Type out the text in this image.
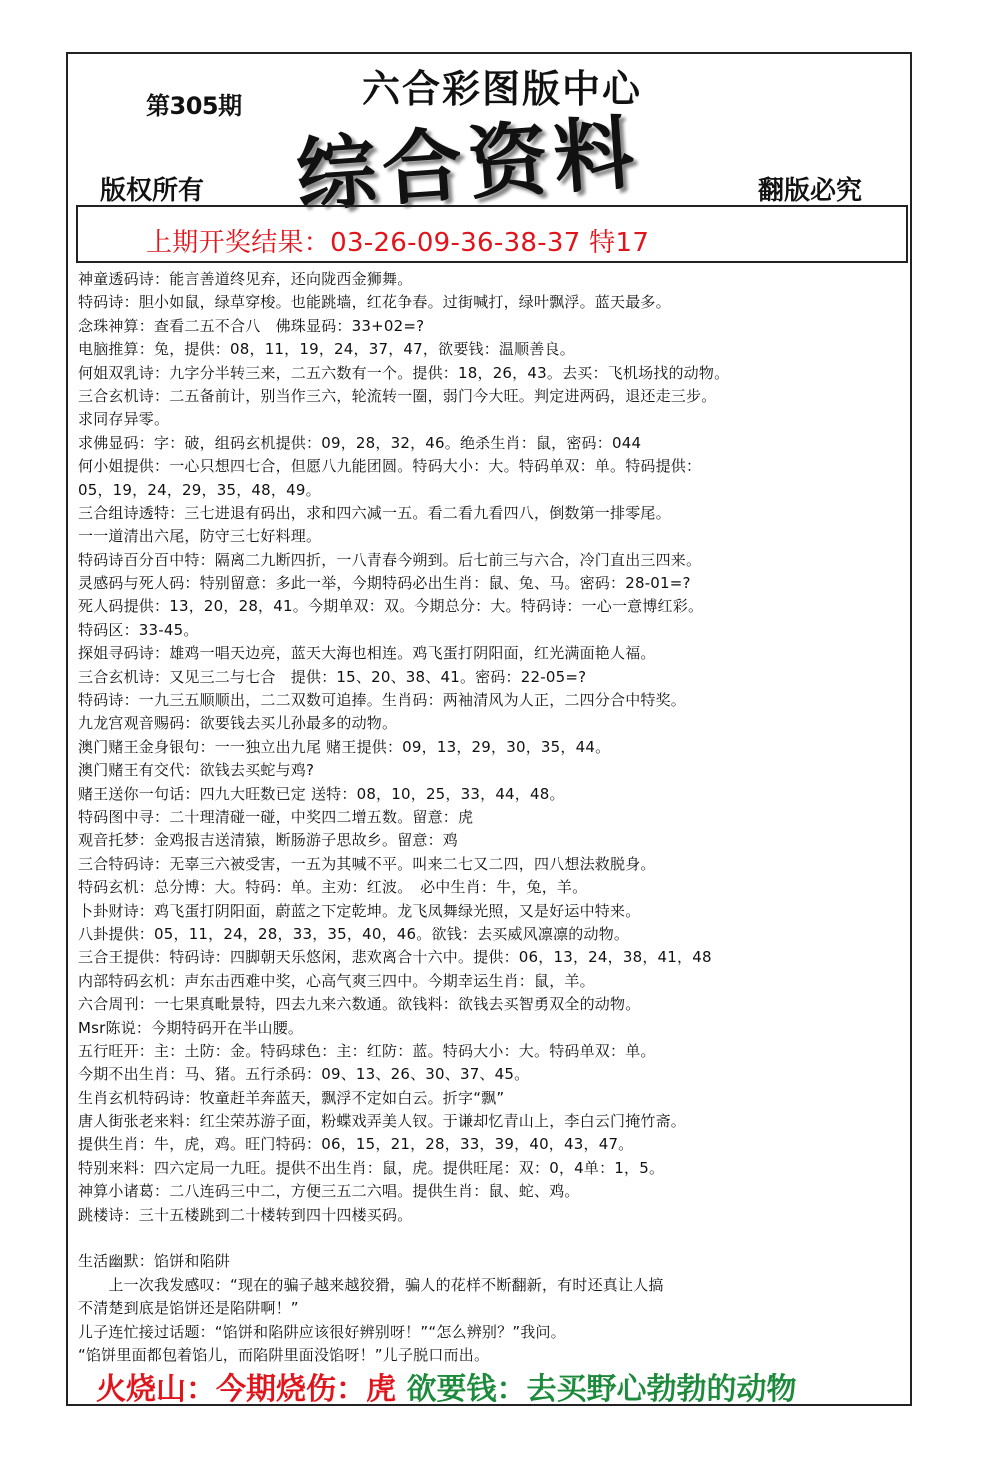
第305期	六合彩图版中心
综合资料
版权所有	翻版必究
上期开奖结果：03-26-09-36-38-37 特17
神童透码诗：能言善道终见弃，还向陇西金狮舞。
特码诗：胆小如鼠，绿草穿梭。也能跳墙，红花争春。过街喊打，绿叶飘浮。蓝天最多。
念珠神算：查看二五不合八　佛珠显码：33+02=?
电脑推算：兔，提供：08，11，19，24，37，47，欲要钱：温顺善良。
何姐双乳诗：九字分半转三来，二五六数有一个。提供：18，26，43。去买：飞机场找的动物。
三合玄机诗：二五备前计，别当作三六，轮流转一圈，弱门今大旺。判定进两码，退还走三步。
求同存异零。
求佛显码：字：破，组码玄机提供：09，28，32，46。绝杀生肖：鼠，密码：044
何小姐提供：一心只想四七合，但愿八九能团圆。特码大小：大。特码单双：单。特码提供：
05，19，24，29，35，48，49。
三合组诗透特：三七进退有码出，求和四六减一五。看二看九看四八，倒数第一排零尾。
一一道清出六尾，防守三七好料理。
特码诗百分百中特：隔离二九断四折，一八青春今朔到。后七前三与六合，冷门直出三四来。
灵感码与死人码：特别留意：多此一举，今期特码必出生肖：鼠、兔、马。密码：28-01=?
死人码提供：13，20，28，41。今期单双：双。今期总分：大。特码诗：一心一意博红彩。
特码区：33-45。
探姐寻码诗：雄鸡一唱天边亮，蓝天大海也相连。鸡飞蛋打阴阳面，红光满面艳人福。
三合玄机诗：又见三二与七合　提供：15、20、38、41。密码：22-05=?
特码诗：一九三五顺顺出，二二双数可追捧。生肖码：两袖清风为人正，二四分合中特奖。
九龙宫观音赐码：欲要钱去买儿孙最多的动物。
澳门赌王金身银句：一一独立出九尾 赌王提供：09，13，29，30，35，44。
澳门赌王有交代：欲钱去买蛇与鸡?
赌王送你一句话：四九大旺数已定 送特：08，10，25，33，44，48。
特码图中寻：二十理清碰一碰，中奖四二增五数。留意：虎
观音托梦：金鸡报吉送清猿，断肠游子思故乡。留意：鸡
三合特码诗：无辜三六被受害，一五为其喊不平。叫来二七又二四，四八想法救脱身。
特码玄机：总分博：大。特码：单。主劝：红波。　必中生肖：牛，兔，羊。
卜卦财诗：鸡飞蛋打阴阳面，蔚蓝之下定乾坤。龙飞凤舞绿光照，又是好运中特来。
八卦提供：05，11，24，28，33，35，40，46。欲钱：去买威风凛凛的动物。
三合王提供：特码诗：四脚朝天乐悠闲，悲欢离合十六中。提供：06，13，24，38，41，48
内部特码玄机：声东击西难中奖，心高气爽三四中。今期幸运生肖：鼠，羊。
六合周刊：一七果真毗景特，四去九来六数通。欲钱料：欲钱去买智勇双全的动物。
Msr陈说：今期特码开在半山腰。
五行旺开：主：土防：金。特码球色：主：红防：蓝。特码大小：大。特码单双：单。
今期不出生肖：马、猪。五行杀码：09、13、26、30、37、45。
生肖玄机特码诗：牧童赶羊奔蓝天，飘浮不定如白云。折字“飘”
唐人街张老来料：红尘荣苏游子面，粉蝶戏弄美人钗。于谦却忆青山上，李白云门掩竹斋。
提供生肖：牛，虎，鸡。旺门特码：06，15，21，28，33，39，40，43，47。
特别来料：四六定局一九旺。提供不出生肖：鼠，虎。提供旺尾：双：0，4单：1，5。
神算小诸葛：二八连码三中二，方便三五二六唱。提供生肖：鼠、蛇、鸡。
跳楼诗：三十五楼跳到二十楼转到四十四楼买码。
生活幽默：馅饼和陷阱
　　上一次我发感叹：“现在的骗子越来越狡猾，骗人的花样不断翻新，有时还真让人搞
不清楚到底是馅饼还是陷阱啊！”
儿子连忙接过话题：“馅饼和陷阱应该很好辨别呀！”“怎么辨别？”我问。
“馅饼里面都包着馅儿，而陷阱里面没馅呀！”儿子脱口而出。
火烧山：今期烧伤：虎 欲要钱：去买野心勃勃的动物
